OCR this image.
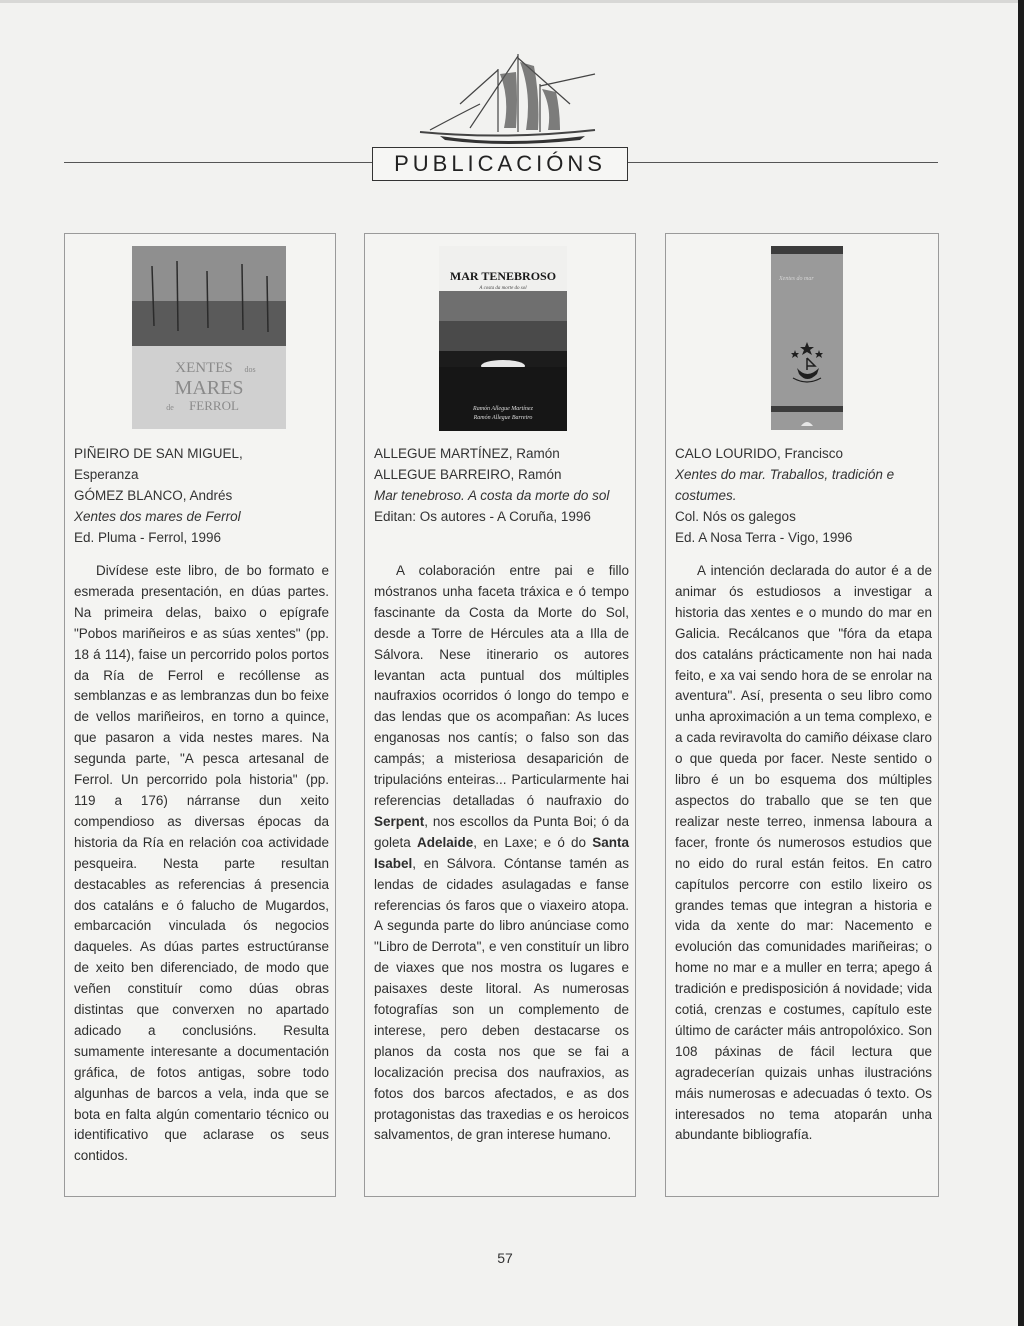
PUBLICACIÓNS
XENTES dos
MARES
de FERROL
PIÑEIRO DE SAN MIGUEL,
Esperanza
GÓMEZ BLANCO, Andrés
Xentes dos mares de Ferrol
Ed. Pluma - Ferrol, 1996

Divídese este libro, de bo formato e esmerada presentación, en dúas partes. Na primeira delas, baixo o epígrafe "Pobos mariñeiros e as súas xentes" (pp. 18 á 114), faise un percorrido polos portos da Ría de Ferrol e recóllense as semblanzas e as lembranzas dun bo feixe de vellos mariñeiros, en torno a quince, que pasaron a vida nestes mares. Na segunda parte, "A pesca artesanal de Ferrol. Un percorrido pola historia" (pp. 119 a 176) nárranse dun xeito compendioso as diversas épocas da historia da Ría en relación coa actividade pesqueira. Nesta parte resultan destacables as referencias á presencia dos cataláns e ó falucho de Mugardos, embarcación vinculada ós negocios daqueles. As dúas partes estructúranse de xeito ben diferenciado, de modo que veñen constituír como dúas obras distintas que converxen no apartado adicado a conclusións. Resulta sumamente interesante a documentación gráfica, de fotos antigas, sobre todo algunhas de barcos a vela, inda que se bota en falta algún comentario técnico ou identificativo que aclarase os seus contidos.

MAR TENEBROSO
A costa da morte do sol
Ramón Allegue Martínez
Ramón Allegue Barreiro
ALLEGUE MARTÍNEZ, Ramón
ALLEGUE BARREIRO, Ramón
Mar tenebroso. A costa da morte do sol
Editan: Os autores - A Coruña, 1996

A colaboración entre pai e fillo móstranos unha faceta tráxica e ó tempo fascinante da Costa da Morte do Sol, desde a Torre de Hércules ata a Illa de Sálvora. Nese itinerario os autores levantan acta puntual dos múltiples naufraxios ocorridos ó longo do tempo e das lendas que os acompañan: As luces enganosas nos cantís; o falso son das campás; a misteriosa desaparición de tripulacións enteiras... Particularmente hai referencias detalladas ó naufraxio do Serpent, nos escollos da Punta Boi; ó da goleta Adelaide, en Laxe; e ó do Santa Isabel, en Sálvora. Cóntanse tamén as lendas de cidades asulagadas e fanse referencias ós faros que o viaxeiro atopa. A segunda parte do libro anúnciase como "Libro de Derrota", e ven constituír un libro de viaxes que nos mostra os lugares e paisaxes deste litoral. As numerosas fotografías son un complemento de interese, pero deben destacarse os planos da costa nos que se fai a localización precisa dos naufraxios, as fotos dos barcos afectados, e as dos protagonistas das traxedias e os heroicos salvamentos, de gran interese humano.

Xentes do mar
CALO LOURIDO, Francisco
Xentes do mar. Traballos, tradición e costumes.
Col. Nós os galegos
Ed. A Nosa Terra - Vigo, 1996

A intención declarada do autor é a de animar ós estudiosos a investigar a historia das xentes e o mundo do mar en Galicia. Recálcanos que "fóra da etapa dos cataláns prácticamente non hai nada feito, e xa vai sendo hora de se enrolar na aventura". Así, presenta o seu libro como unha aproximación a un tema complexo, e a cada reviravolta do camiño déixase claro o que queda por facer. Neste sentido o libro é un bo esquema dos múltiples aspectos do traballo que se ten que realizar neste terreo, inmensa laboura a facer, fronte ós numerosos estudios que no eido do rural están feitos. En catro capítulos percorre con estilo lixeiro os grandes temas que integran a historia e vida da xente do mar: Nacemento e evolución das comunidades mariñeiras; o home no mar e a muller en terra; apego á tradición e predisposición á novidade; vida cotiá, crenzas e costumes, capítulo este último de carácter máis antropolóxico. Son 108 páxinas de fácil lectura que agradecerían quizais unhas ilustracións máis numerosas e adecuadas ó texto. Os interesados no tema atoparán unha abundante bibliografía.

57
